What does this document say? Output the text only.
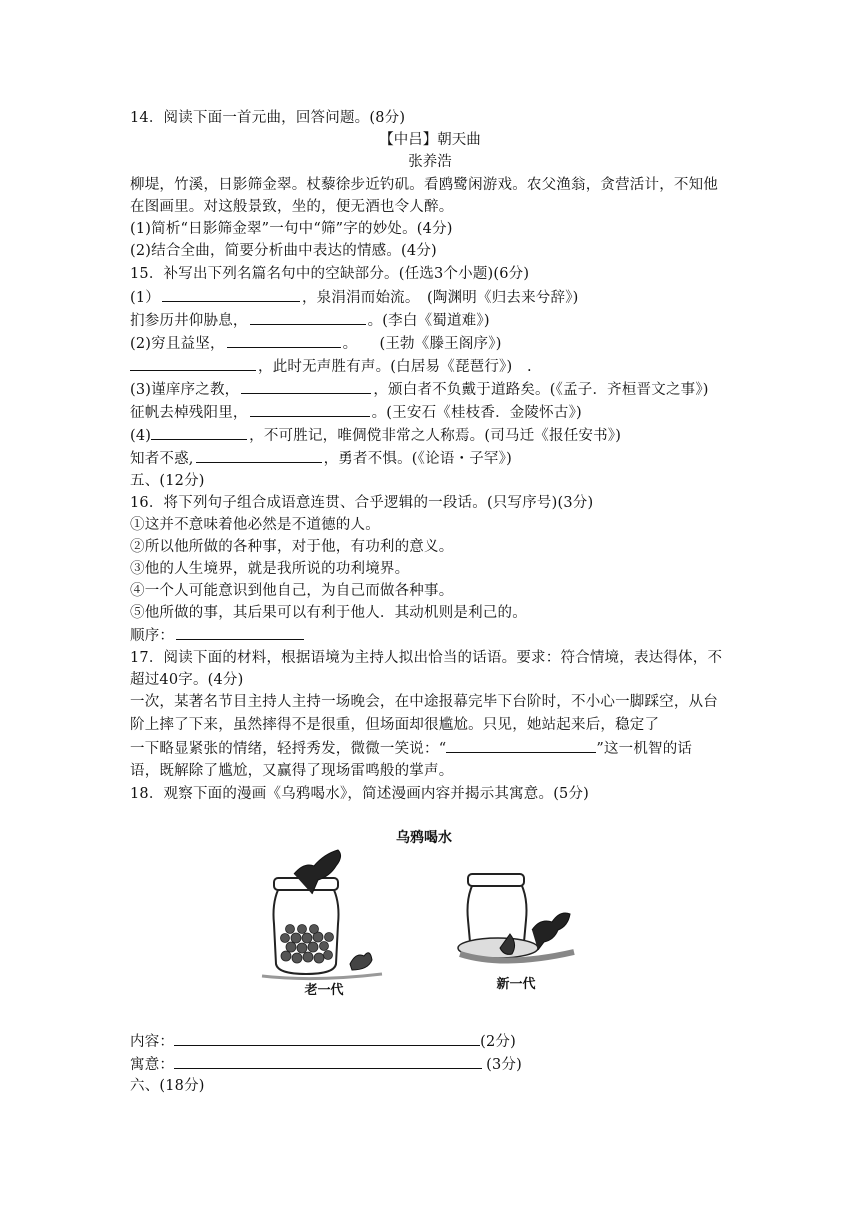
14．阅读下面一首元曲，回答问题。(8分)
【中吕】朝天曲
张养浩
柳堤，竹溪，日影筛金翠。杖藜徐步近钓矶。看鸥鹭闲游戏。农父渔翁，贪营活计，不知他
在图画里。对这般景致，坐的，便无酒也令人醉。
(1)简析“日影筛金翠”一句中“筛”字的妙处。(4分)
(2)结合全曲，简要分析曲中表达的情感。(4分)
15．补写出下列名篇名句中的空缺部分。(任选3个小题)(6分)
(1）	，泉涓涓而始流。　(陶渊明《归去来兮辞》)
扪参历井仰胁息，	。(李白《蜀道难》)
(2)穷且益坚，	。　　(王勃《滕王阁序》)
，此时无声胜有声。(白居易《琵琶行》)　.
(3)谨庠序之教，	，颁白者不负戴于道路矣。(《孟子．齐桓晋文之事》)
征帆去棹残阳里，	。(王安石《桂枝香．金陵怀古》)
(4)	，不可胜记，唯倜傥非常之人称焉。(司马迁《报任安书》)
知者不惑,	，勇者不惧。(《论语・子罕》)
五、(12分)
16．将下列句子组合成语意连贯、合乎逻辑的一段话。(只写序号)(3分)
①这并不意味着他必然是不道德的人。
②所以他所做的各种事，对于他，有功利的意义。
③他的人生境界，就是我所说的功利境界。
④一个人可能意识到他自己，为自己而做各种事。
⑤他所做的事，其后果可以有利于他人．其动机则是利己的。
顺序：
17．阅读下面的材料，根据语境为主持人拟出恰当的话语。要求：符合情境，表达得体，不
超过40字。(4分)
一次，某著名节目主持人主持一场晚会，在中途报幕完毕下台阶时，不小心一脚踩空，从台
阶上摔了下来，虽然摔得不是很重，但场面却很尴尬。只见，她站起来后，稳定了
一下略显紧张的情绪，轻捋秀发，微微一笑说：“	”这一机智的话
语，既解除了尴尬，又赢得了现场雷鸣般的掌声。
18．观察下面的漫画《乌鸦喝水》，简述漫画内容并揭示其寓意。(5分)
乌鸦喝水
老一代	新一代
内容：	(2分)
寓意：	(3分)
六、(18分)
